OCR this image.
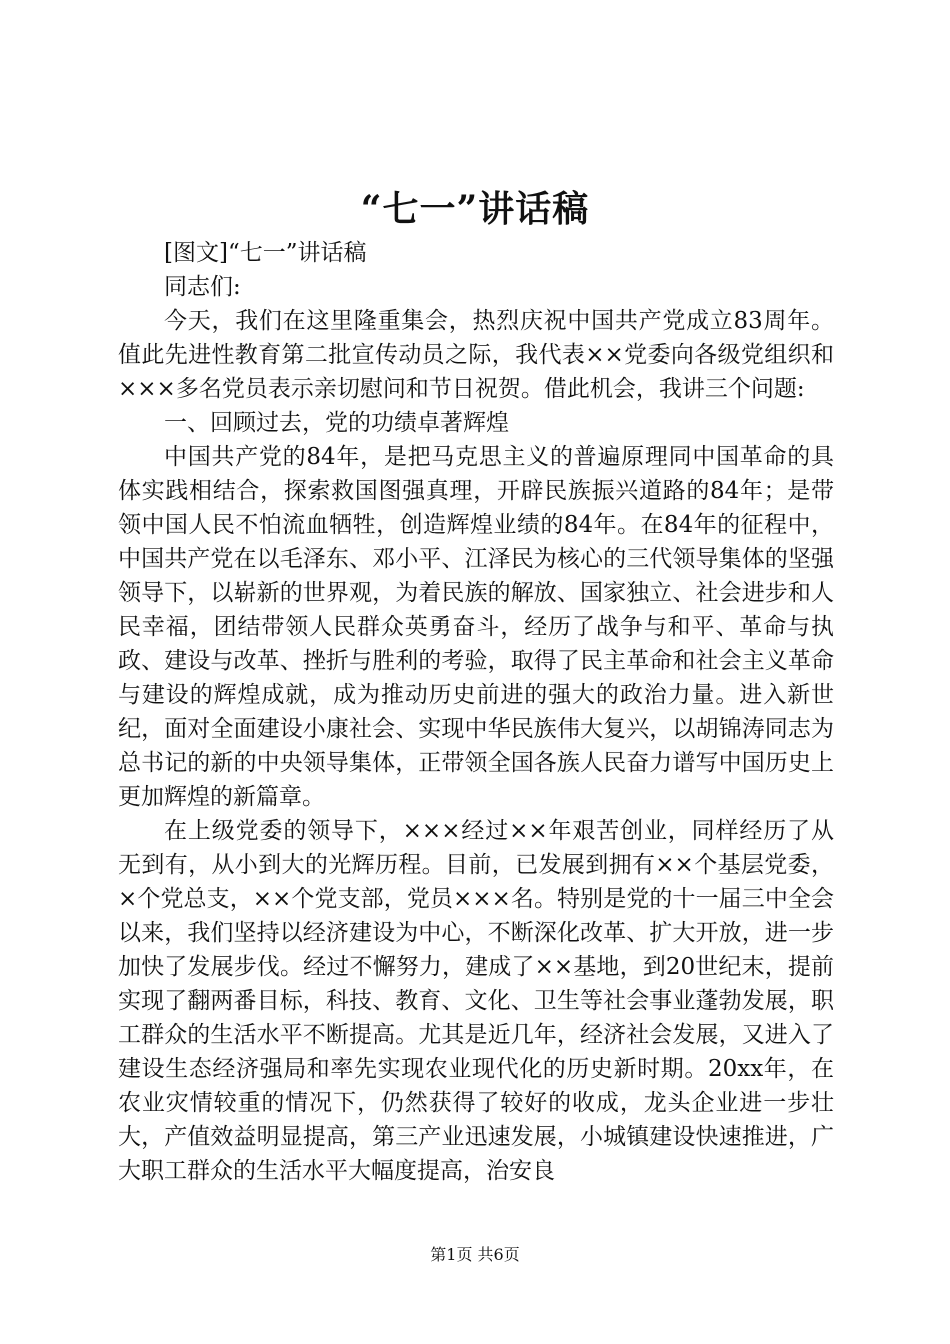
“七一”讲话稿

[图文]“七一”讲话稿

同志们:

今天，我们在这里隆重集会，热烈庆祝中国共产党成立83周年。值此先进性教育第二批宣传动员之际，我代表××党委向各级党组织和×××多名党员表示亲切慰问和节日祝贺。借此机会，我讲三个问题:

一、回顾过去，党的功绩卓著辉煌

中国共产党的84年，是把马克思主义的普遍原理同中国革命的具体实践相结合，探索救国图强真理，开辟民族振兴道路的84年；是带领中国人民不怕流血牺牲，创造辉煌业绩的84年。在84年的征程中，中国共产党在以毛泽东、邓小平、江泽民为核心的三代领导集体的坚强领导下，以崭新的世界观，为着民族的解放、国家独立、社会进步和人民幸福，团结带领人民群众英勇奋斗，经历了战争与和平、革命与执政、建设与改革、挫折与胜利的考验，取得了民主革命和社会主义革命与建设的辉煌成就，成为推动历史前进的强大的政治力量。进入新世纪，面对全面建设小康社会、实现中华民族伟大复兴，以胡锦涛同志为总书记的新的中央领导集体，正带领全国各族人民奋力谱写中国历史上更加辉煌的新篇章。

在上级党委的领导下，×××经过××年艰苦创业，同样经历了从无到有，从小到大的光辉历程。目前，已发展到拥有××个基层党委，×个党总支，××个党支部，党员×××名。特别是党的十一届三中全会以来，我们坚持以经济建设为中心，不断深化改革、扩大开放，进一步加快了发展步伐。经过不懈努力，建成了××基地，到20世纪末，提前实现了翻两番目标，科技、教育、文化、卫生等社会事业蓬勃发展，职工群众的生活水平不断提高。尤其是近几年，经济社会发展，又进入了建设生态经济强局和率先实现农业现代化的历史新时期。20xx年，在农业灾情较重的情况下，仍然获得了较好的收成，龙头企业进一步壮大，产值效益明显提高，第三产业迅速发展，小城镇建设快速推进，广大职工群众的生活水平大幅度提高，治安良

第1页 共6页
